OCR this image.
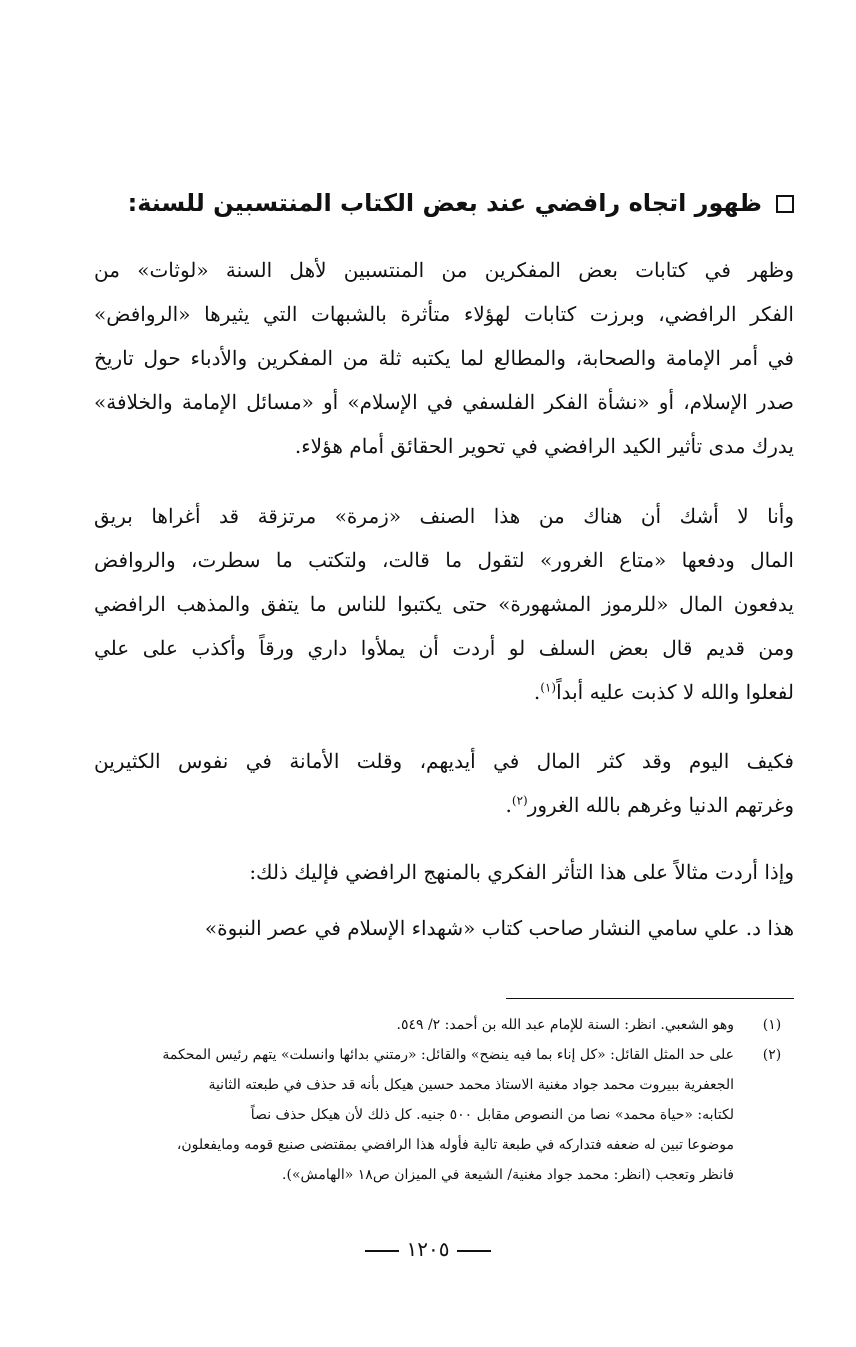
ظهور اتجاه رافضي عند بعض الكتاب المنتسبين للسنة:
وظهر في كتابات بعض المفكرين من المنتسبين لأهل السنة «لوثات» من
الفكر الرافضي، وبرزت كتابات لهؤلاء متأثرة بالشبهات التي يثيرها «الروافض»
في أمر الإمامة والصحابة، والمطالع لما يكتبه ثلة من المفكرين والأدباء حول تاريخ
صدر الإسلام، أو «نشأة الفكر الفلسفي في الإسلام» أو «مسائل الإمامة والخلافة»
يدرك مدى تأثير الكيد الرافضي في تحوير الحقائق أمام هؤلاء.
وأنا لا أشك أن هناك من هذا الصنف «زمرة» مرتزقة قد أغراها بريق
المال ودفعها «متاع الغرور» لتقول ما قالت، ولتكتب ما سطرت، والروافض
يدفعون المال «للرموز المشهورة» حتى يكتبوا للناس ما يتفق والمذهب الرافضي
ومن قديم قال بعض السلف لو أردت أن يملأوا داري ورقاً وأكذب على علي
لفعلوا والله لا كذبت عليه أبداً$^{(١)}$.
فكيف اليوم وقد كثر المال في أيديهم، وقلت الأمانة في نفوس الكثيرين
وغرتهم الدنيا وغرهم بالله الغرور$^{(٢)}$.
وإذا أردت مثالاً على هذا التأثر الفكري بالمنهج الرافضي فإليك ذلك:
هذا د. علي سامي النشار صاحب كتاب «شهداء الإسلام في عصر النبوة»
(١)
وهو الشعبي. انظر: السنة للإمام عبد الله بن أحمد: ٢/ ٥٤٩.
(٢)
على حد المثل القائل: «كل إناء بما فيه ينضح» والقائل: «رمتني بدائها وانسلت» يتهم رئيس المحكمة
الجعفرية ببيروت محمد جواد مغنية الاستاذ محمد حسين هيكل بأنه قد حذف في طبعته الثانية
لكتابه: «حياة محمد» نصا من النصوص مقابل ٥٠٠ جنيه. كل ذلك لأن هيكل حذف نصاً
موضوعا تبين له ضعفه فتداركه في طبعة تالية فأوله هذا الرافضي بمقتضى صنيع قومه ومايفعلون،
فانظر وتعجب (انظر: محمد جواد مغنية/ الشيعة في الميزان ص١٨ «الهامش»).
١٢٠٥
